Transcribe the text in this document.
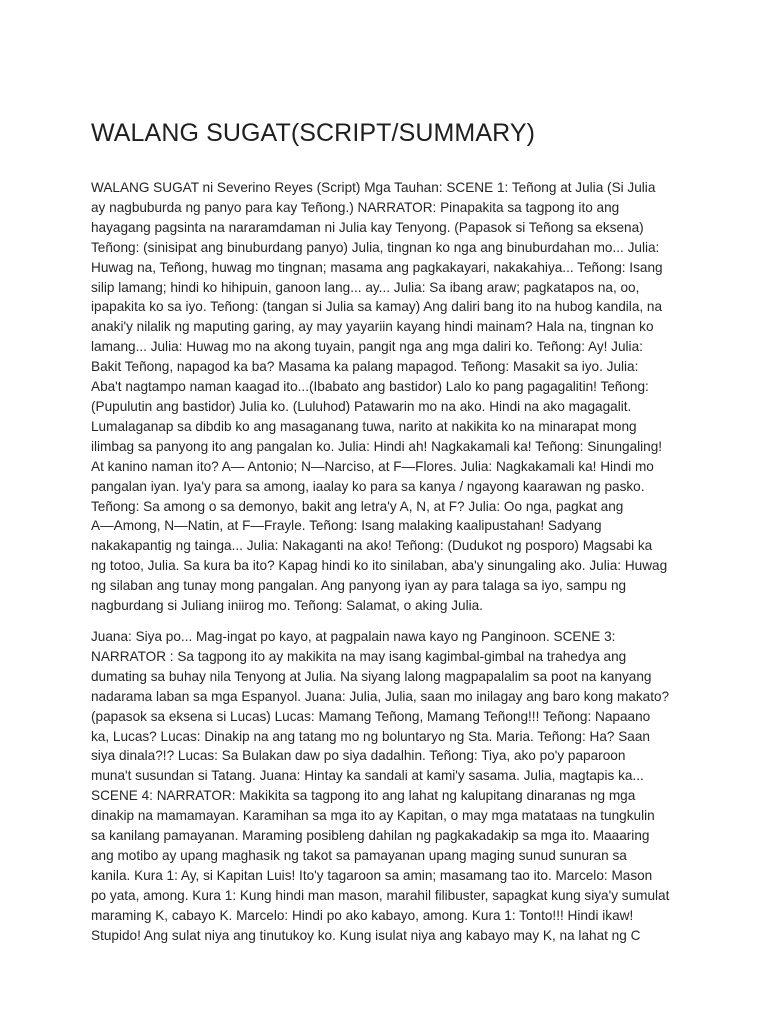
WALANG SUGAT(SCRIPT/SUMMARY)
WALANG SUGAT ni Severino Reyes (Script) Mga Tauhan: SCENE 1: Teñong at Julia (Si Julia
ay nagbuburda ng panyo para kay Teñong.) NARRATOR: Pinapakita sa tagpong ito ang
hayagang pagsinta na nararamdaman ni Julia kay Tenyong. (Papasok si Teñong sa eksena)
Teñong: (sinisipat ang binuburdang panyo) Julia, tingnan ko nga ang binuburdahan mo... Julia:
Huwag na, Teñong, huwag mo tingnan; masama ang pagkakayari, nakakahiya... Teñong: Isang
silip lamang; hindi ko hihipuin, ganoon lang... ay... Julia: Sa ibang araw; pagkatapos na, oo,
ipapakita ko sa iyo. Teñong: (tangan si Julia sa kamay) Ang daliri bang ito na hubog kandila, na
anaki'y nilalik ng maputing garing, ay may yayariin kayang hindi mainam? Hala na, tingnan ko
lamang... Julia: Huwag mo na akong tuyain, pangit nga ang mga daliri ko. Teñong: Ay! Julia:
Bakit Teñong, napagod ka ba? Masama ka palang mapagod. Teñong: Masakit sa iyo. Julia:
Aba't nagtampo naman kaagad ito...(Ibabato ang bastidor) Lalo ko pang pagagalitin! Teñong:
(Pupulutin ang bastidor) Julia ko. (Luluhod) Patawarin mo na ako. Hindi na ako magagalit.
Lumalaganap sa dibdib ko ang masaganang tuwa, narito at nakikita ko na minarapat mong
ilimbag sa panyong ito ang pangalan ko. Julia: Hindi ah! Nagkakamali ka! Teñong: Sinungaling!
At kanino naman ito? A— Antonio; N—Narciso, at F—Flores. Julia: Nagkakamali ka! Hindi mo
pangalan iyan. Iya'y para sa among, iaalay ko para sa kanya / ngayong kaarawan ng pasko.
Teñong: Sa among o sa demonyo, bakit ang letra'y A, N, at F? Julia: Oo nga, pagkat ang
A—Among, N—Natin, at F—Frayle. Teñong: Isang malaking kaalipustahan! Sadyang
nakakapantig ng tainga... Julia: Nakaganti na ako! Teñong: (Dudukot ng posporo) Magsabi ka
ng totoo, Julia. Sa kura ba ito? Kapag hindi ko ito sinilaban, aba'y sinungaling ako. Julia: Huwag
ng silaban ang tunay mong pangalan. Ang panyong iyan ay para talaga sa iyo, sampu ng
nagburdang si Juliang iniirog mo. Teñong: Salamat, o aking Julia.
Juana: Siya po... Mag-ingat po kayo, at pagpalain nawa kayo ng Panginoon. SCENE 3:
NARRATOR : Sa tagpong ito ay makikita na may isang kagimbal-gimbal na trahedya ang
dumating sa buhay nila Tenyong at Julia. Na siyang lalong magpapalalim sa poot na kanyang
nadarama laban sa mga Espanyol. Juana: Julia, Julia, saan mo inilagay ang baro kong makato?
(papasok sa eksena si Lucas) Lucas: Mamang Teñong, Mamang Teñong!!! Teñong: Napaano
ka, Lucas? Lucas: Dinakip na ang tatang mo ng boluntaryo ng Sta. Maria. Teñong: Ha? Saan
siya dinala?!? Lucas: Sa Bulakan daw po siya dadalhin. Teñong: Tiya, ako po'y paparoon
muna't susundan si Tatang. Juana: Hintay ka sandali at kami'y sasama. Julia, magtapis ka...
SCENE 4: NARRATOR: Makikita sa tagpong ito ang lahat ng kalupitang dinaranas ng mga
dinakip na mamamayan. Karamihan sa mga ito ay Kapitan, o may mga matataas na tungkulin
sa kanilang pamayanan. Maraming posibleng dahilan ng pagkakadakip sa mga ito. Maaaring
ang motibo ay upang maghasik ng takot sa pamayanan upang maging sunud sunuran sa
kanila. Kura 1: Ay, si Kapitan Luis! Ito'y tagaroon sa amin; masamang tao ito. Marcelo: Mason
po yata, among. Kura 1: Kung hindi man mason, marahil filibuster, sapagkat kung siya'y sumulat
maraming K, cabayo K. Marcelo: Hindi po ako kabayo, among. Kura 1: Tonto!!! Hindi ikaw!
Stupido! Ang sulat niya ang tinutukoy ko. Kung isulat niya ang kabayo may K, na lahat ng C
